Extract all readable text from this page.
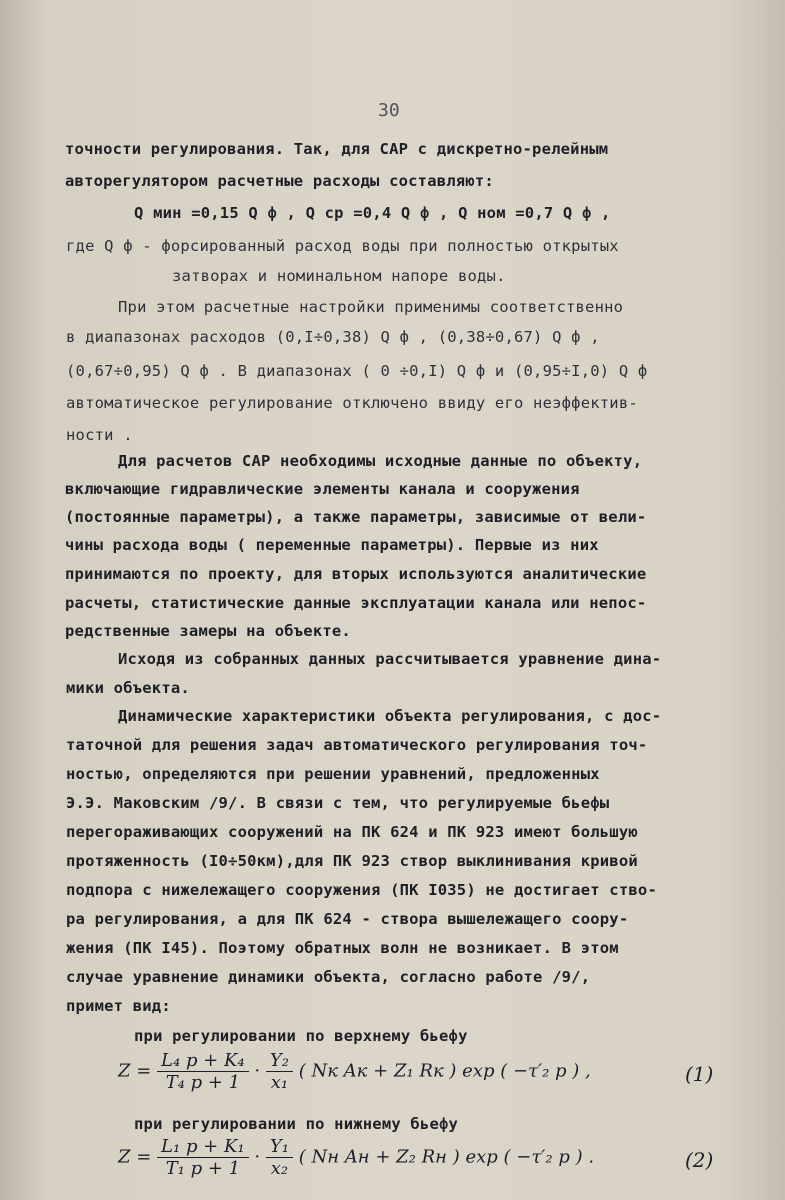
30
точности регулирования. Так, для САР с дискретно-релейным
авторегулятором расчетные расходы составляют:
Q мин =0,15 Q ф , Q ср =0,4 Q ф , Q ном =0,7 Q ф ,
где Q ф - форсированный расход воды при полностью открытых
затворах и номинальном напоре воды.
При этом расчетные настройки применимы соответственно
в диапазонах расходов (0,I÷0,38) Q ф , (0,38÷0,67) Q ф ,
(0,67÷0,95) Q ф . В диапазонах ( 0 ÷0,I) Q ф и (0,95÷I,0) Q ф
автоматическое регулирование отключено ввиду его неэффектив-
ности .
Для расчетов САР необходимы исходные данные по объекту,
включающие гидравлические элементы канала и сооружения
(постоянные параметры), а также параметры, зависимые от вели-
чины расхода воды ( переменные параметры). Первые из них
принимаются по проекту, для вторых используются аналитические
расчеты, статистические данные эксплуатации канала или непос-
редственные замеры на объекте.
Исходя из собранных данных рассчитывается уравнение дина-
мики объекта.
Динамические характеристики объекта регулирования, с дос-
таточной для решения задач автоматического регулирования точ-
ностью, определяются при решении уравнений, предложенных
Э.Э. Маковским /9/. В связи с тем, что регулируемые бьефы
перегораживающих сооружений на ПК 624 и ПК 923 имеют большую
протяженность (I0÷50км),для ПК 923 створ выклинивания кривой
подпора с нижележащего сооружения (ПК I035) не достигает ство-
ра регулирования, а для ПК 624 - створа вышележащего соору-
жения (ПК I45). Поэтому обратных волн не возникает. В этом
случае уравнение динамики объекта, согласно работе /9/,
примет вид:
при регулировании по верхнему бьефу
$Z = \frac{\text{L₄ p + K₄}}{\text{T₄ p + 1}} \cdot \frac{\text{Y₂}}{\text{x₁}}$ ( Nк Aк + Z₁ Rк ) exp ( −τ′₂ p ) ,	(1)
при регулировании по нижнему бьефу
$Z = \frac{\text{L₁ p + K₁}}{\text{T₁ p + 1}} \cdot \frac{\text{Y₁}}{\text{x₂}}$ ( Nн Aн + Z₂ Rн ) exp ( −τ′₂ p ) .	(2)
